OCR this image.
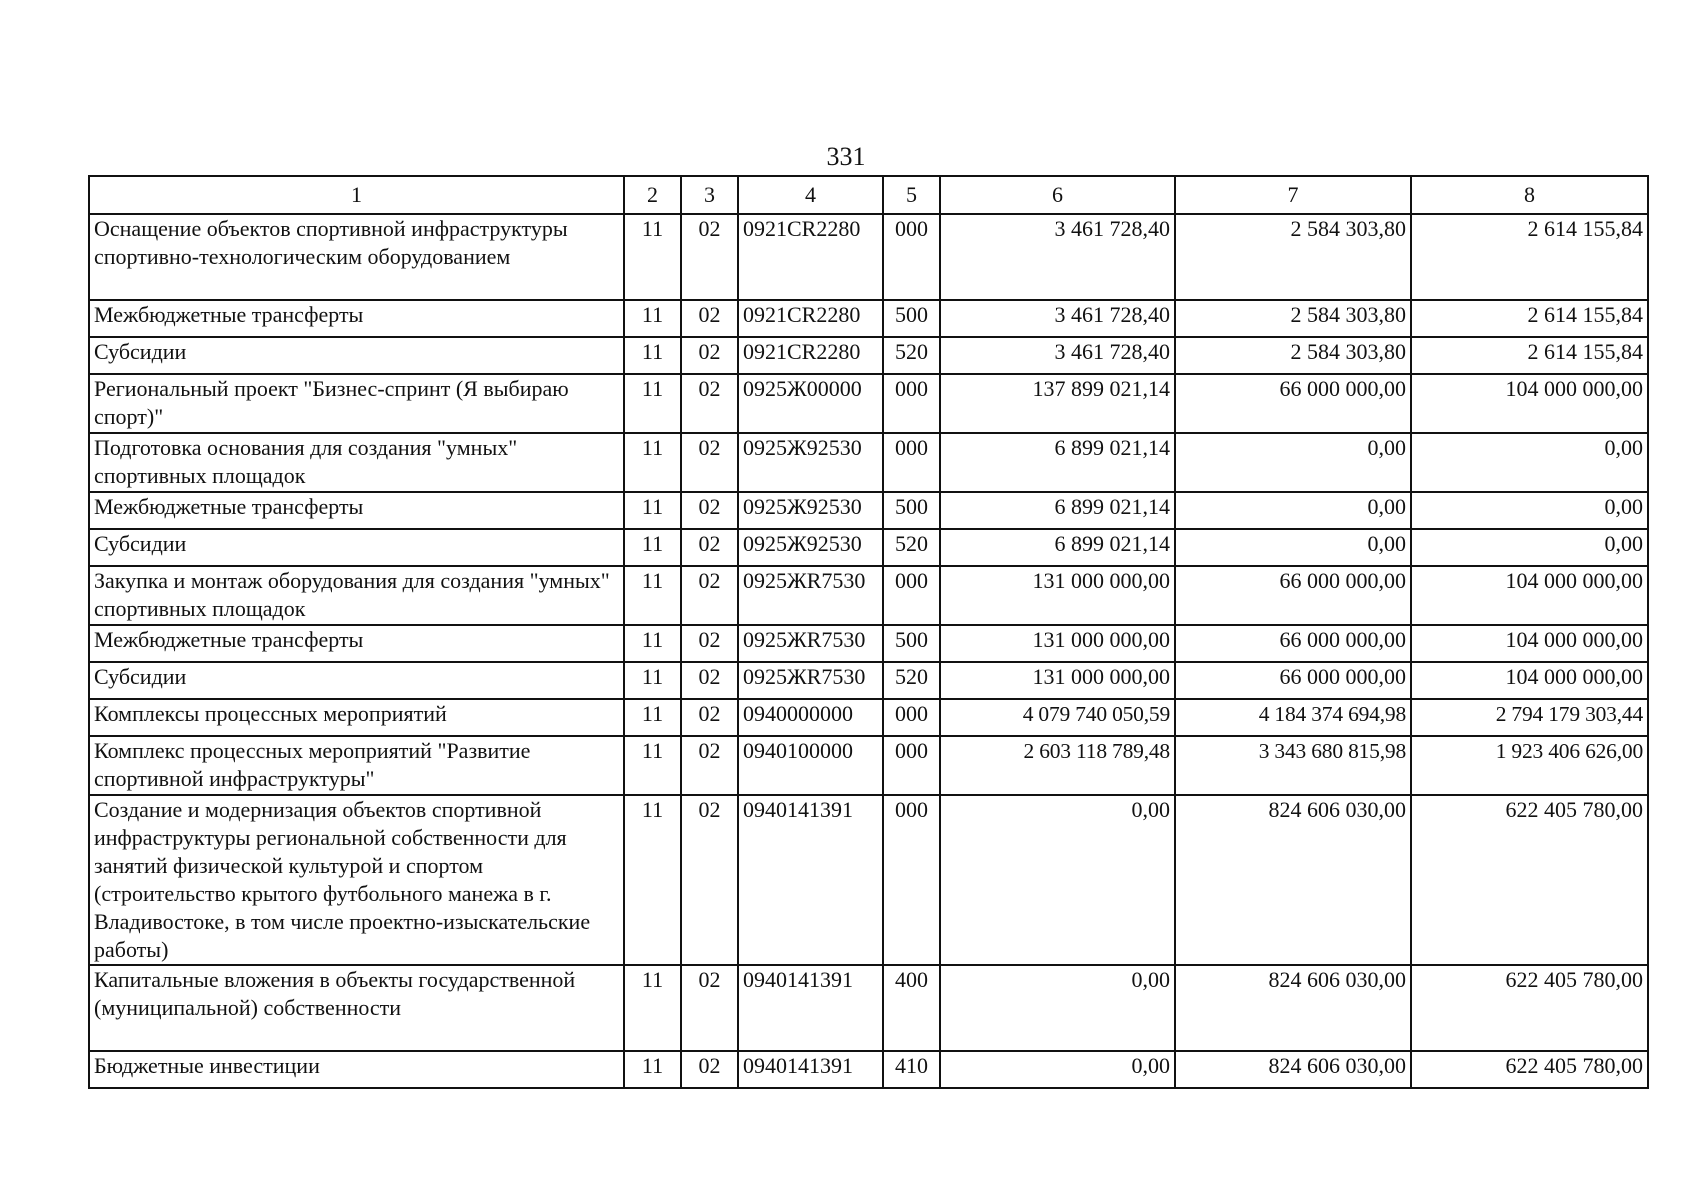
331
1	2	3	4	5	6	7	8
Оснащение объектов спортивной инфраструктуры спортивно-технологическим оборудованием	11	02	0921CR2280	000	3 461 728,40	2 584 303,80	2 614 155,84
Межбюджетные трансферты	11	02	0921CR2280	500	3 461 728,40	2 584 303,80	2 614 155,84
Субсидии	11	02	0921CR2280	520	3 461 728,40	2 584 303,80	2 614 155,84
Региональный проект "Бизнес-спринт (Я выбираю спорт)"	11	02	0925Ж00000	000	137 899 021,14	66 000 000,00	104 000 000,00
Подготовка основания для создания "умных" спортивных площадок	11	02	0925Ж92530	000	6 899 021,14	0,00	0,00
Межбюджетные трансферты	11	02	0925Ж92530	500	6 899 021,14	0,00	0,00
Субсидии	11	02	0925Ж92530	520	6 899 021,14	0,00	0,00
Закупка и монтаж оборудования для создания "умных" спортивных площадок	11	02	0925ЖR7530	000	131 000 000,00	66 000 000,00	104 000 000,00
Межбюджетные трансферты	11	02	0925ЖR7530	500	131 000 000,00	66 000 000,00	104 000 000,00
Субсидии	11	02	0925ЖR7530	520	131 000 000,00	66 000 000,00	104 000 000,00
Комплексы процессных мероприятий	11	02	0940000000	000	4 079 740 050,59	4 184 374 694,98	2 794 179 303,44
Комплекс процессных мероприятий "Развитие спортивной инфраструктуры"	11	02	0940100000	000	2 603 118 789,48	3 343 680 815,98	1 923 406 626,00
Создание и модернизация объектов спортивной инфраструктуры региональной собственности для занятий физической культурой и спортом (строительство крытого футбольного манежа в г. Владивостоке, в том числе проектно-изыскательские работы)	11	02	0940141391	000	0,00	824 606 030,00	622 405 780,00
Капитальные вложения в объекты государственной (муниципальной) собственности	11	02	0940141391	400	0,00	824 606 030,00	622 405 780,00
Бюджетные инвестиции	11	02	0940141391	410	0,00	824 606 030,00	622 405 780,00
